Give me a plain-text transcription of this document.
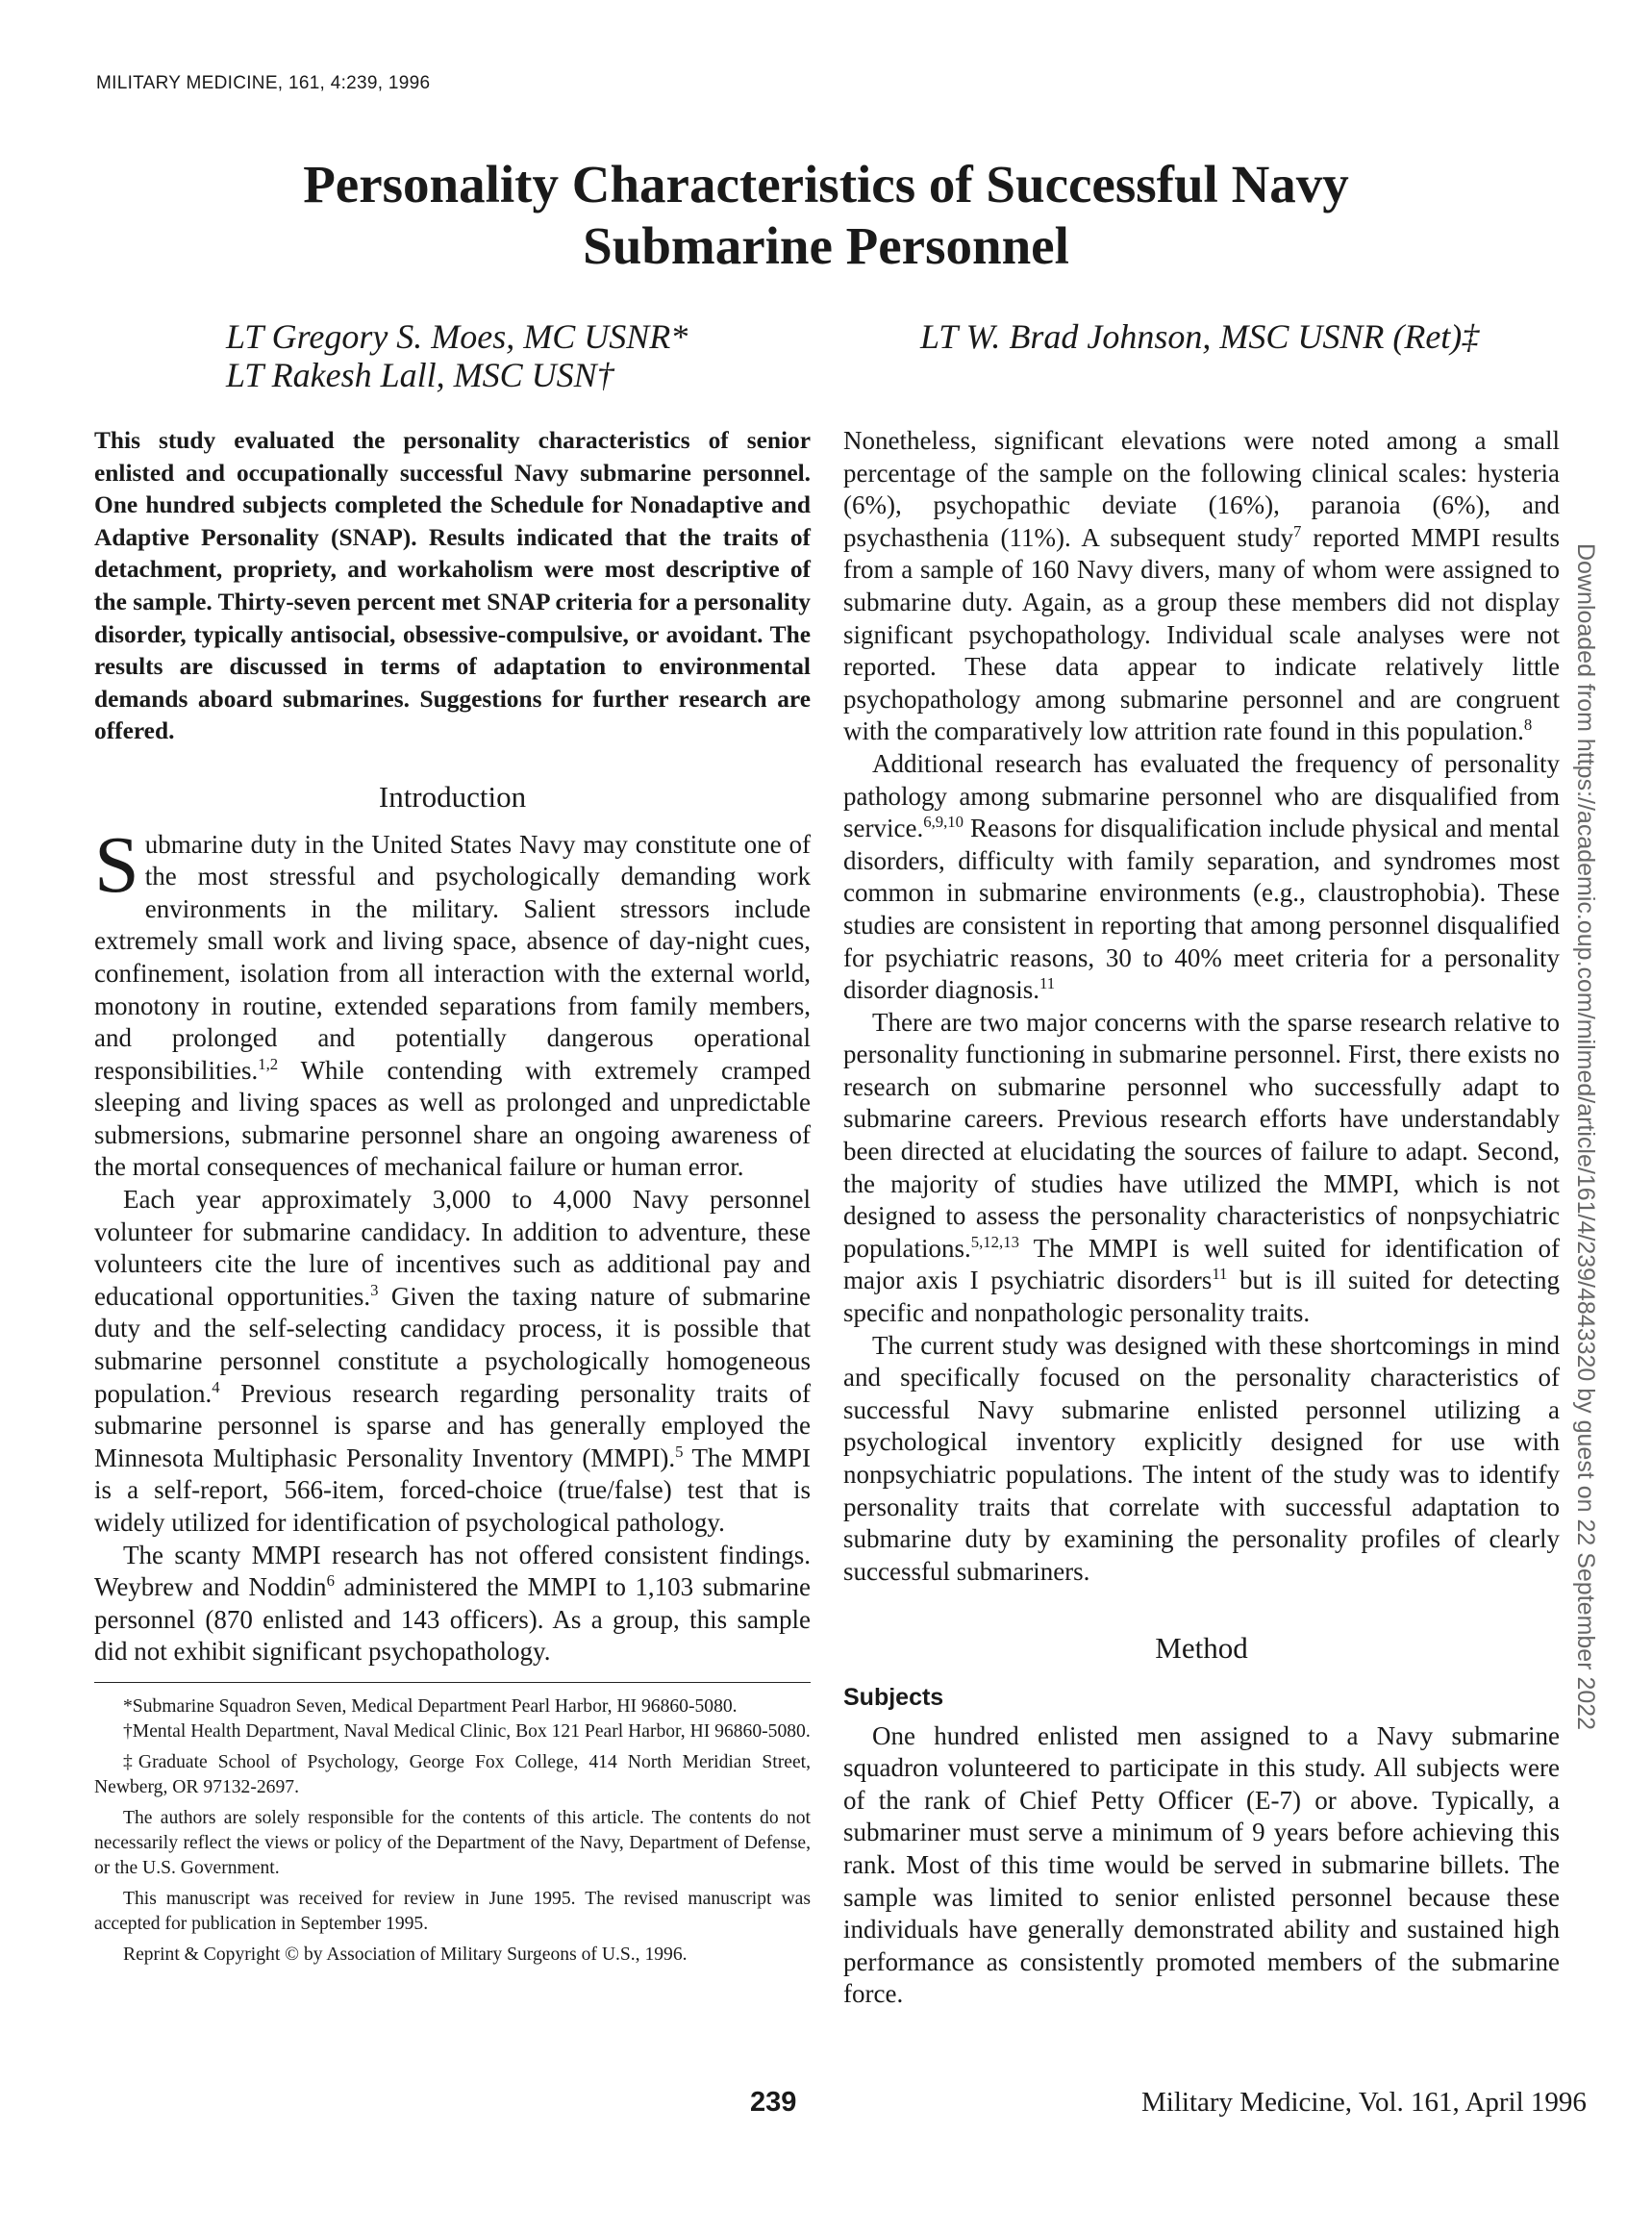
MILITARY MEDICINE, 161, 4:239, 1996
Personality Characteristics of Successful Navy
Submarine Personnel
LT Gregory S. Moes, MC USNR*
LT Rakesh Lall, MSC USN†
LT W. Brad Johnson, MSC USNR (Ret)‡

This study evaluated the personality characteristics of senior enlisted and occupationally successful Navy submarine personnel. One hundred subjects completed the Schedule for Nonadaptive and Adaptive Personality (SNAP). Results indicated that the traits of detachment, propriety, and workaholism were most descriptive of the sample. Thirty-seven percent met SNAP criteria for a personality disorder, typically antisocial, obsessive-compulsive, or avoidant. The results are discussed in terms of adaptation to environmental demands aboard submarines. Suggestions for further research are offered.

Introduction

Submarine duty in the United States Navy may constitute one of the most stressful and psychologically demanding work environments in the military. Salient stressors include extremely small work and living space, absence of day-night cues, confinement, isolation from all interaction with the external world, monotony in routine, extended separations from family members, and prolonged and potentially dangerous operational responsibilities.$^{1,2}$ While contending with extremely cramped sleeping and living spaces as well as prolonged and unpredictable submersions, submarine personnel share an ongoing awareness of the mortal consequences of mechanical failure or human error.

Each year approximately 3,000 to 4,000 Navy personnel volunteer for submarine candidacy. In addition to adventure, these volunteers cite the lure of incentives such as additional pay and educational opportunities.$^3$ Given the taxing nature of submarine duty and the self-selecting candidacy process, it is possible that submarine personnel constitute a psychologically homogeneous population.$^4$ Previous research regarding personality traits of submarine personnel is sparse and has generally employed the Minnesota Multiphasic Personality Inventory (MMPI).$^5$ The MMPI is a self-report, 566-item, forced-choice (true/false) test that is widely utilized for identification of psychological pathology.

The scanty MMPI research has not offered consistent findings. Weybrew and Noddin$^6$ administered the MMPI to 1,103 submarine personnel (870 enlisted and 143 officers). As a group, this sample did not exhibit significant psychopathology.

*Submarine Squadron Seven, Medical Department Pearl Harbor, HI 96860-5080.

†Mental Health Department, Naval Medical Clinic, Box 121 Pearl Harbor, HI 96860-5080.

‡Graduate School of Psychology, George Fox College, 414 North Meridian Street, Newberg, OR 97132-2697.

The authors are solely responsible for the contents of this article. The contents do not necessarily reflect the views or policy of the Department of the Navy, Department of Defense, or the U.S. Government.

This manuscript was received for review in June 1995. The revised manuscript was accepted for publication in September 1995.

Reprint & Copyright © by Association of Military Surgeons of U.S., 1996.

Nonetheless, significant elevations were noted among a small percentage of the sample on the following clinical scales: hysteria (6%), psychopathic deviate (16%), paranoia (6%), and psychasthenia (11%). A subsequent study$^7$ reported MMPI results from a sample of 160 Navy divers, many of whom were assigned to submarine duty. Again, as a group these members did not display significant psychopathology. Individual scale analyses were not reported. These data appear to indicate relatively little psychopathology among submarine personnel and are congruent with the comparatively low attrition rate found in this population.$^8$

Additional research has evaluated the frequency of personality pathology among submarine personnel who are disqualified from service.$^{6,9,10}$ Reasons for disqualification include physical and mental disorders, difficulty with family separation, and syndromes most common in submarine environments (e.g., claustrophobia). These studies are consistent in reporting that among personnel disqualified for psychiatric reasons, 30 to 40% meet criteria for a personality disorder diagnosis.$^{11}$

There are two major concerns with the sparse research relative to personality functioning in submarine personnel. First, there exists no research on submarine personnel who successfully adapt to submarine careers. Previous research efforts have understandably been directed at elucidating the sources of failure to adapt. Second, the majority of studies have utilized the MMPI, which is not designed to assess the personality characteristics of nonpsychiatric populations.$^{5,12,13}$ The MMPI is well suited for identification of major axis I psychiatric disorders$^{11}$ but is ill suited for detecting specific and nonpathologic personality traits.

The current study was designed with these shortcomings in mind and specifically focused on the personality characteristics of successful Navy submarine enlisted personnel utilizing a psychological inventory explicitly designed for use with nonpsychiatric populations. The intent of the study was to identify personality traits that correlate with successful adaptation to submarine duty by examining the personality profiles of clearly successful submariners.

Method

Subjects

One hundred enlisted men assigned to a Navy submarine squadron volunteered to participate in this study. All subjects were of the rank of Chief Petty Officer (E-7) or above. Typically, a submariner must serve a minimum of 9 years before achieving this rank. Most of this time would be served in submarine billets. The sample was limited to senior enlisted personnel because these individuals have generally demonstrated ability and sustained high performance as consistently promoted members of the submarine force.

239	Military Medicine, Vol. 161, April 1996
Downloaded from https://academic.oup.com/milmed/article/161/4/239/4843320 by guest on 22 September 2022
